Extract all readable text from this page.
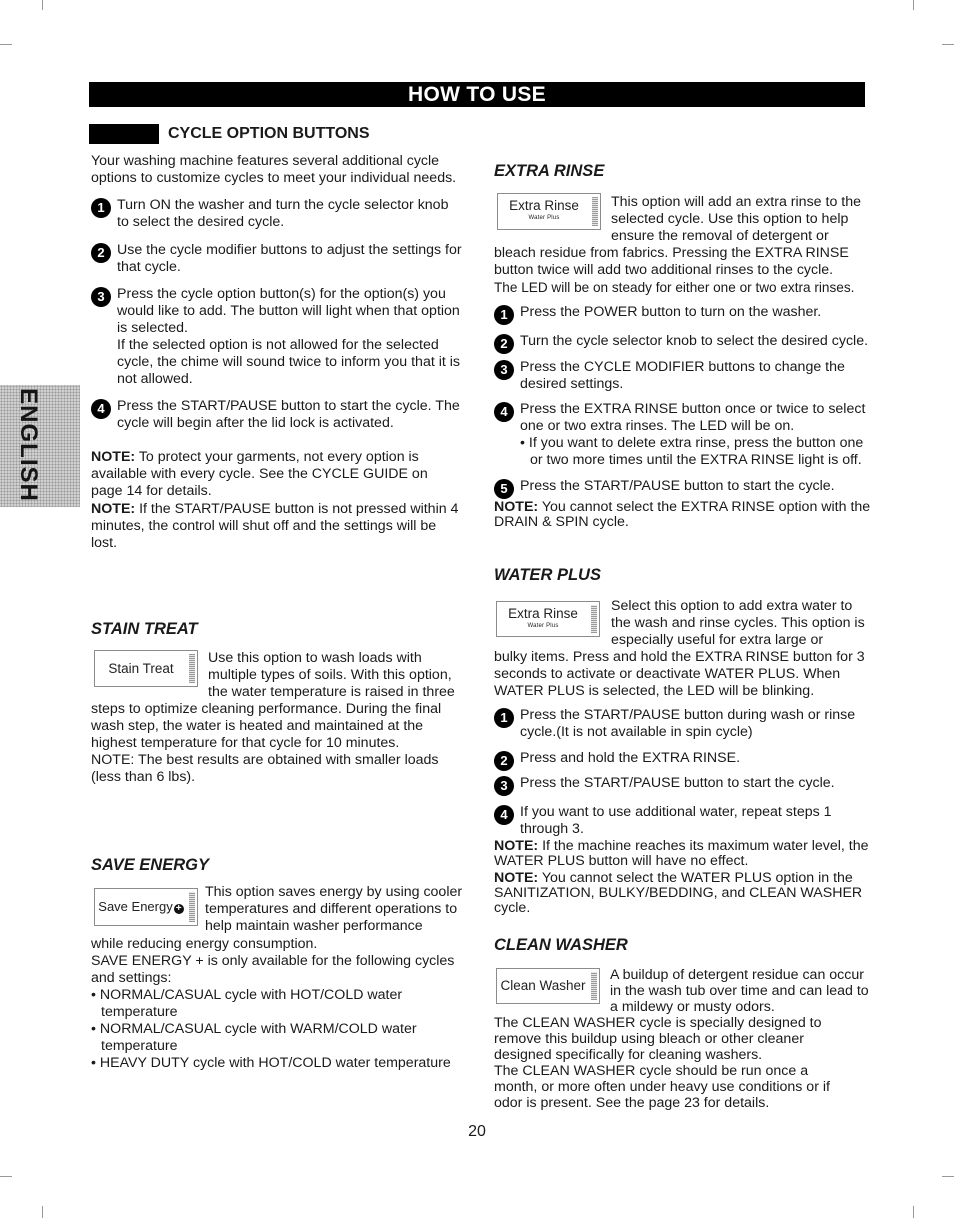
HOW TO USE
ENGLISH
CYCLE OPTION BUTTONS

Your washing machine features several additional cycle options to customize cycles to meet your individual needs.

1 Turn ON the washer and turn the cycle selector knob to select the desired cycle.

2 Use the cycle modifier buttons to adjust the settings for that cycle.

3 Press the cycle option button(s) for the option(s) you would like to add. The button will light when that option is selected.

If the selected option is not allowed for the selected cycle, the chime will sound twice to inform you that it is not allowed.

4 Press the START/PAUSE button to start the cycle. The cycle will begin after the lid lock is activated.

NOTE: To protect your garments, not every option is available with every cycle. See the CYCLE GUIDE on page 14 for details.

NOTE: If the START/PAUSE button is not pressed within 4 minutes, the control will shut off and the settings will be lost.

STAIN TREAT
Stain Treat
Use this option to wash loads with multiple types of soils. With this option, the water temperature is raised in three

steps to optimize cleaning performance. During the final wash step, the water is heated and maintained at the highest temperature for that cycle for 10 minutes.

NOTE: The best results are obtained with smaller loads (less than 6 lbs).

SAVE ENERGY
Save Energy +
This option saves energy by using cooler temperatures and different operations to help maintain washer performance

while reducing energy consumption.

SAVE ENERGY + is only available for the following cycles and settings:

• NORMAL/CASUAL cycle with HOT/COLD water temperature

• NORMAL/CASUAL cycle with WARM/COLD water temperature

• HEAVY DUTY cycle with HOT/COLD water temperature

EXTRA RINSE
Extra Rinse
Water Plus
This option will add an extra rinse to the selected cycle. Use this option to help ensure the removal of detergent or

bleach residue from fabrics. Pressing the EXTRA RINSE button twice will add two additional rinses to the cycle.

The LED will be on steady for either one or two extra rinses.

1 Press the POWER button to turn on the washer.

2 Turn the cycle selector knob to select the desired cycle.

3 Press the CYCLE MODIFIER buttons to change the desired settings.

4 Press the EXTRA RINSE button once or twice to select one or two extra rinses. The LED will be on.

• If you want to delete extra rinse, press the button one or two more times until the EXTRA RINSE light is off.

5 Press the START/PAUSE button to start the cycle.

NOTE: You cannot select the EXTRA RINSE option with the DRAIN & SPIN cycle.

WATER PLUS
Extra Rinse
Water Plus
Select this option to add extra water to the wash and rinse cycles. This option is especially useful for extra large or

bulky items. Press and hold the EXTRA RINSE button for 3 seconds to activate or deactivate WATER PLUS. When WATER PLUS is selected, the LED will be blinking.

1 Press the START/PAUSE button during wash or rinse cycle.(It is not available in spin cycle)

2 Press and hold the EXTRA RINSE.

3 Press the START/PAUSE button to start the cycle.

4 If you want to use additional water, repeat steps 1 through 3.

NOTE: If the machine reaches its maximum water level, the WATER PLUS button will have no effect.

NOTE: You cannot select the WATER PLUS option in the SANITIZATION, BULKY/BEDDING, and CLEAN WASHER cycle.

CLEAN WASHER
Clean Washer
A buildup of detergent residue can occur in the wash tub over time and can lead to a mildewy or musty odors.

The CLEAN WASHER cycle is specially designed to remove this buildup using bleach or other cleaner designed specifically for cleaning washers.

The CLEAN WASHER cycle should be run once a month, or more often under heavy use conditions or if odor is present. See the page 23 for details.

20
